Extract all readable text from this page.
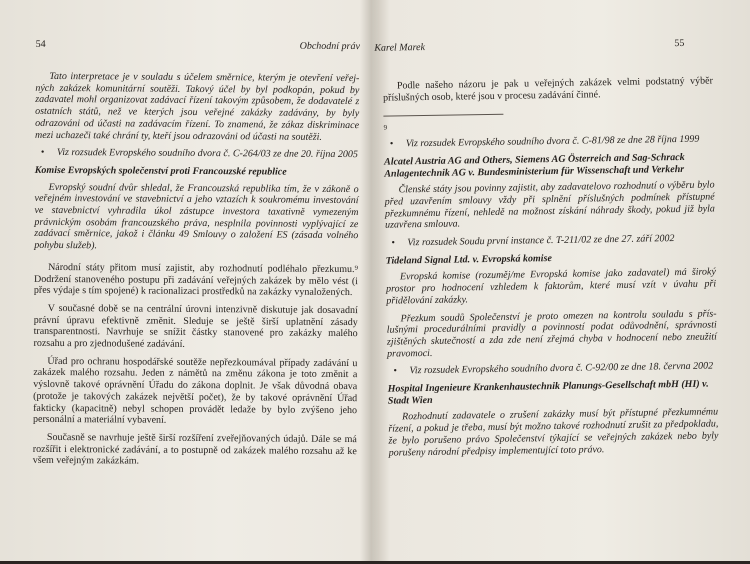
54	Obchodní práv

Tato interpretace je v souladu s účelem směrnice, kterým je otevření veřejných zakázek komunitární soutěži. Takový účel by byl podkopán, pokud by zadavatel mohl organizovat zadávací řízení takovým způsobem, že dodavatelé z ostatních států, než ve kterých jsou veřejné zakázky zadávány, by byly odrazováni od účasti na zadávacím řízení. To znamená, že zákaz diskriminace mezi uchazeči také chrání ty, kteří jsou odrazováni od účasti na soutěži.

• Viz rozsudek Evropského soudního dvora č. C-264/03 ze dne 20. října 2005
Komise Evropských společenství proti Francouzské republice

Evropský soudní dvůr shledal, že Francouzská republika tím, že v zákoně o veřejném investování ve stavebnictví a jeho vztazích k soukromému investování ve stavebnictví vyhradila úkol zástupce investora taxativně vymezeným právnickým osobám francouzského práva, nesplnila povinnosti vyplývající ze zadávací směrnice, jakož i článku 49 Smlouvy o založení ES (zásada volného pohybu služeb).

Národní státy přitom musí zajistit, aby rozhodnutí podléhalo přezkumu.⁹ Dodržení stanoveného postupu při zadávání veřejných zakázek by mělo vést (i přes výdaje s tím spojené) k racionalizaci prostředků na zakázky vynaložených.

V současné době se na centrální úrovni intenzivně diskutuje jak dosavadní právní úpravu efektivně změnit. Sleduje se ještě širší uplatnění zásady transparentnosti. Navrhuje se snížit částky stanovené pro zakázky malého rozsahu a pro zjednodušené zadávání.

Úřad pro ochranu hospodářské soutěže nepřezkoumával případy zadávání u zakázek malého rozsahu. Jeden z námětů na změnu zákona je toto změnit a výslovně takové oprávnění Úřadu do zákona doplnit. Je však důvodná obava (protože je takových zakázek největší počet), že by takové oprávnění Úřad fakticky (kapacitně) nebyl schopen provádět ledaže by bylo zvýšeno jeho personální a materiální vybavení.

Současně se navrhuje ještě širší rozšíření zveřejňovaných údajů. Dále se má rozšířit i elektronické zadávání, a to postupně od zakázek malého rozsahu až ke všem veřejným zakázkám.

Karel Marek	55

Podle našeho názoru je pak u veřejných zakázek velmi podstatný výběr příslušných osob, které jsou v procesu zadávání činné.

9

• Viz rozsudek Evropského soudního dvora č. C-81/98 ze dne 28 října 1999
Alcatel Austria AG and Others, Siemens AG Österreich and Sag-Schrack Anlagentechnik AG v. Bundesministerium für Wissenschaft und Verkehr

Členské státy jsou povinny zajistit, aby zadavatelovo rozhodnutí o výběru bylo před uzavřením smlouvy vždy při splnění příslušných podmínek přístupné přezkumnému řízení, nehledě na možnost získání náhrady škody, pokud již byla uzavřena smlouva.

• Viz rozsudek Soudu první instance č. T-211/02 ze dne 27. září 2002
Tideland Signal Ltd. v. Evropská komise

Evropská komise (rozuměj/me Evropská komise jako zadavatel) má široký prostor pro hodnocení vzhledem k faktorům, které musí vzít v úvahu při přidělování zakázky.

Přezkum soudů Společenství je proto omezen na kontrolu souladu s příslušnými procedurálními pravidly a povinností podat odůvodnění, správnosti zjištěných skutečností a zda zde není zřejmá chyba v hodnocení nebo zneužití pravomoci.

• Viz rozsudek Evropského soudního dvora č. C-92/00 ze dne 18. června 2002
Hospital Ingenieure Krankenhaustechnik Planungs-Gesellschaft mbH (HI) v. Stadt Wien

Rozhodnutí zadavatele o zrušení zakázky musí být přístupné přezkumnému řízení, a pokud je třeba, musí být možno takové rozhodnutí zrušit za předpokladu, že bylo porušeno právo Společenství týkající se veřejných zakázek nebo byly porušeny národní předpisy implementující toto právo.
